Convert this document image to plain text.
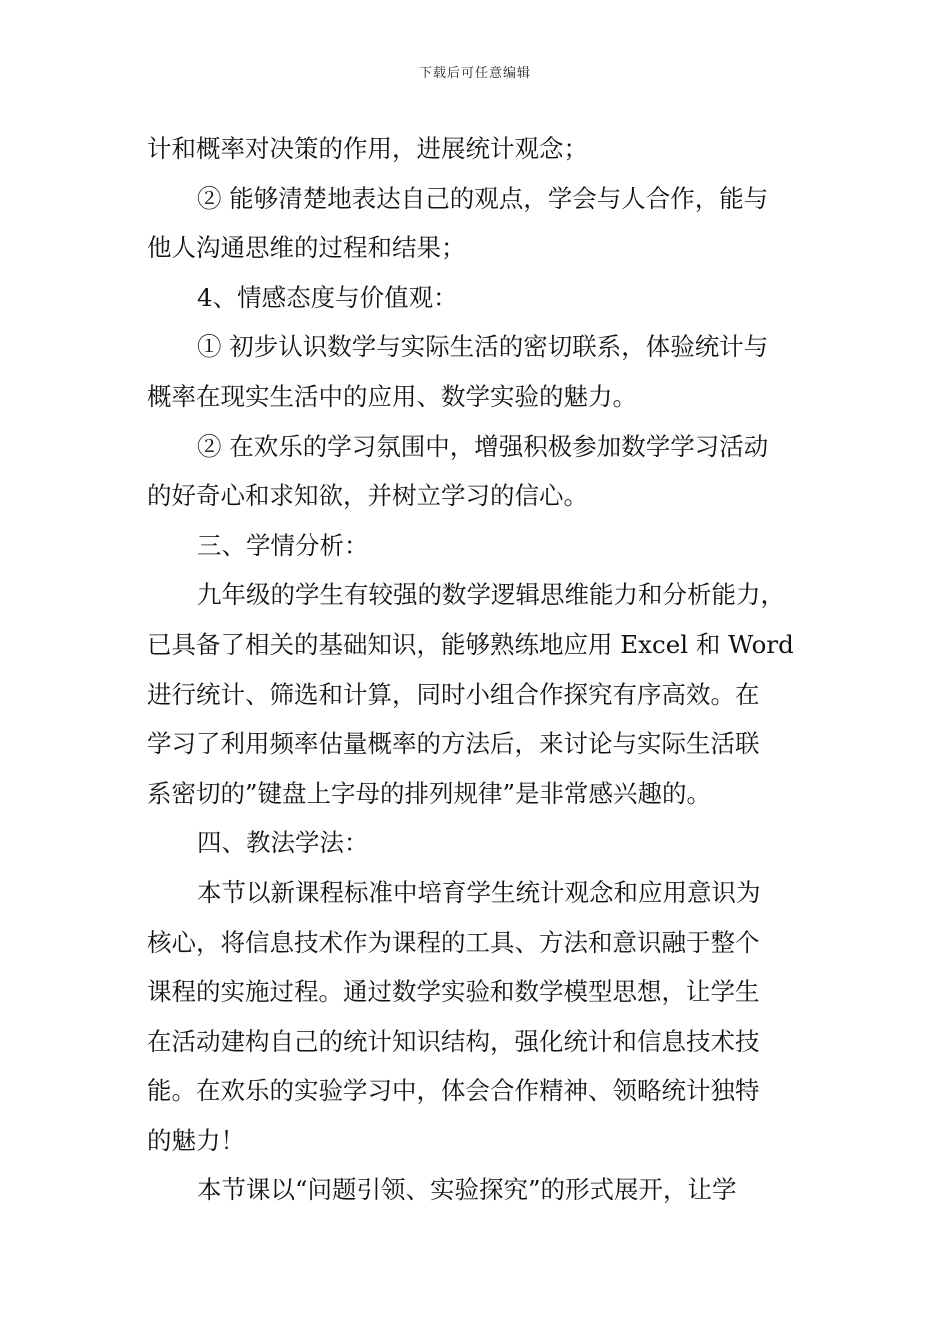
下载后可任意编辑
计和概率对决策的作用，进展统计观念；
② 能够清楚地表达自己的观点，学会与人合作，能与
他人沟通思维的过程和结果；
4、情感态度与价值观：
① 初步认识数学与实际生活的密切联系，体验统计与
概率在现实生活中的应用、数学实验的魅力。
② 在欢乐的学习氛围中，增强积极参加数学学习活动
的好奇心和求知欲，并树立学习的信心。
三、学情分析：
九年级的学生有较强的数学逻辑思维能力和分析能力，
已具备了相关的基础知识，能够熟练地应用 Excel 和 Word
进行统计、筛选和计算，同时小组合作探究有序高效。在
学习了利用频率估量概率的方法后，来讨论与实际生活联
系密切的”键盘上字母的排列规律”是非常感兴趣的。
四、教法学法：
本节以新课程标准中培育学生统计观念和应用意识为
核心，将信息技术作为课程的工具、方法和意识融于整个
课程的实施过程。通过数学实验和数学模型思想，让学生
在活动建构自己的统计知识结构，强化统计和信息技术技
能。在欢乐的实验学习中，体会合作精神、领略统计独特
的魅力！
本节课以“问题引领、实验探究”的形式展开，让学
